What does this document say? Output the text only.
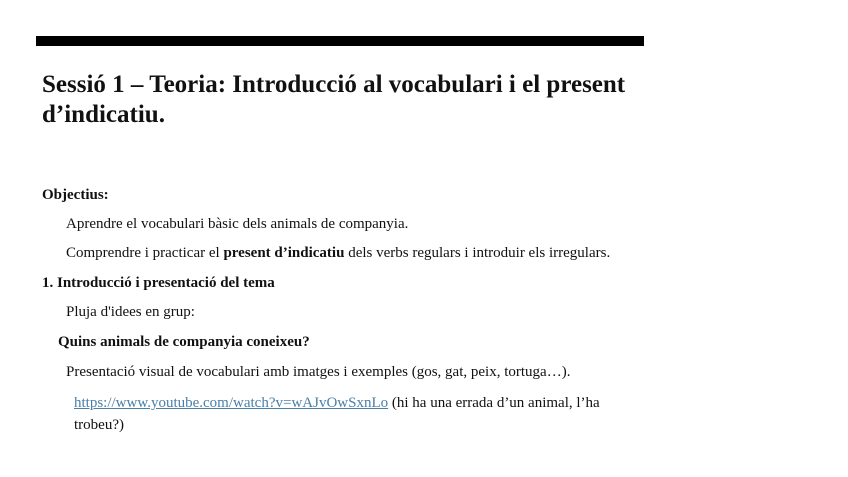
Sessió 1 – Teoria: Introducció al vocabulari i el present d’indicatiu.

Objectius:

Aprendre el vocabulari bàsic dels animals de companyia.

Comprendre i practicar el present d’indicatiu dels verbs regulars i introduir els irregulars.

1. Introducció i presentació del tema

Pluja d'idees en grup:

Quins animals de companyia coneixeu?

Presentació visual de vocabulari amb imatges i exemples (gos, gat, peix, tortuga…).

https://www.youtube.com/watch?v=wAJvOwSxnLo (hi ha una errada d’un animal, l’ha trobeu?)
